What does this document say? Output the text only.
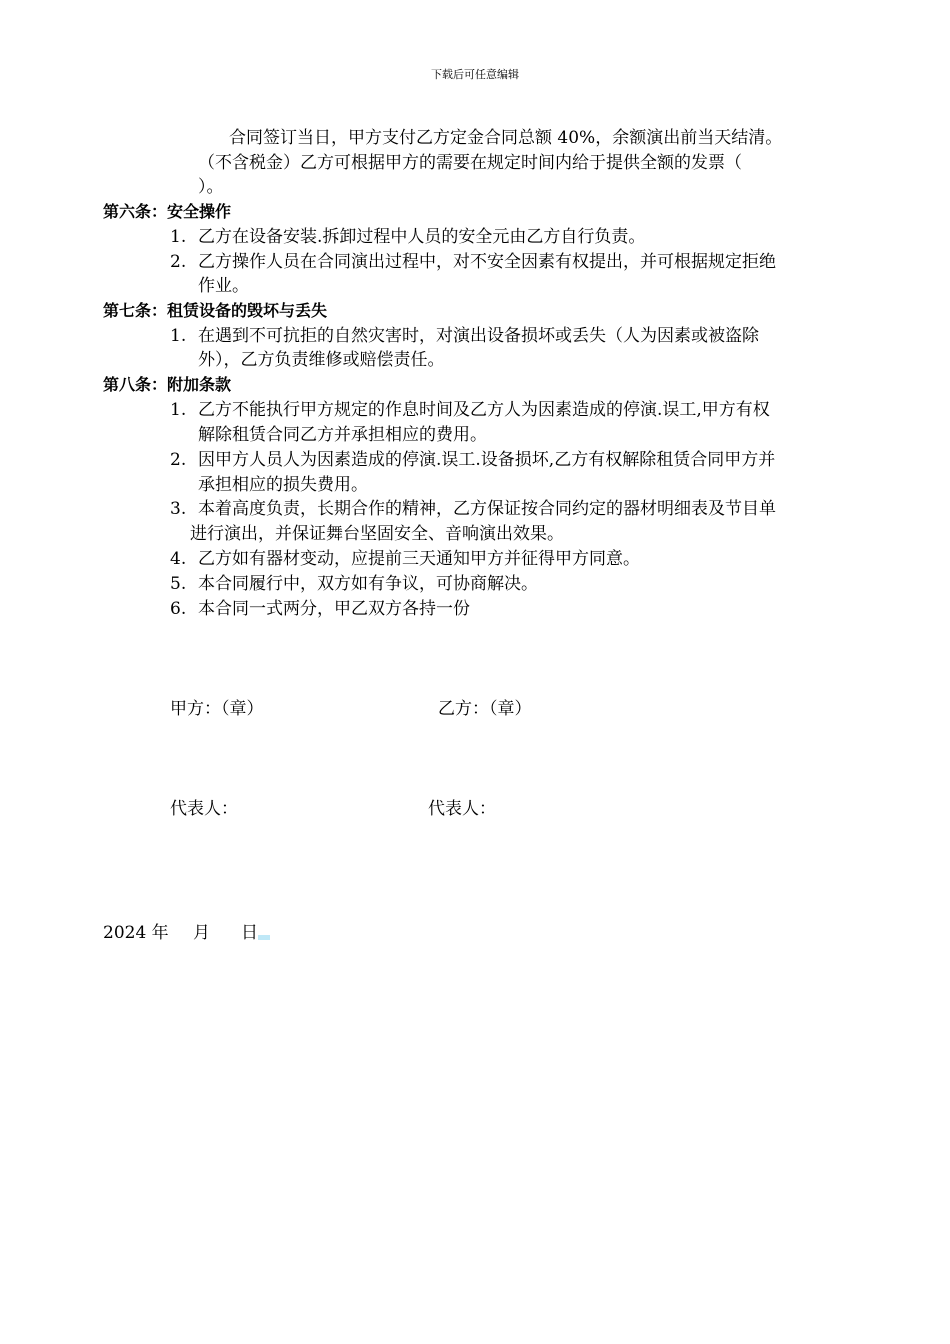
下载后可任意编辑
合同签订当日，甲方支付乙方定金合同总额 40%，余额演出前当天结清。
（不含税金）乙方可根据甲方的需要在规定时间内给于提供全额的发票（
）。
第六条：安全操作
1. 乙方在设备安装.拆卸过程中人员的安全元由乙方自行负责。
2. 乙方操作人员在合同演出过程中，对不安全因素有权提出，并可根据规定拒绝
作业。
第七条：租赁设备的毁坏与丢失
1. 在遇到不可抗拒的自然灾害时，对演出设备损坏或丢失（人为因素或被盗除
外），乙方负责维修或赔偿责任。
第八条：附加条款
1. 乙方不能执行甲方规定的作息时间及乙方人为因素造成的停演.误工,甲方有权
解除租赁合同乙方并承担相应的费用。
2. 因甲方人员人为因素造成的停演.误工.设备损坏,乙方有权解除租赁合同甲方并
承担相应的损失费用。
3. 本着高度负责，长期合作的精神，乙方保证按合同约定的器材明细表及节目单
进行演出，并保证舞台坚固安全、音响演出效果。
4. 乙方如有器材变动，应提前三天通知甲方并征得甲方同意。
5. 本合同履行中，双方如有争议，可协商解决。
6. 本合同一式两分，甲乙双方各持一份
甲方：（章）	乙方：（章）
代表人：	代表人：
2024 年 月 日
